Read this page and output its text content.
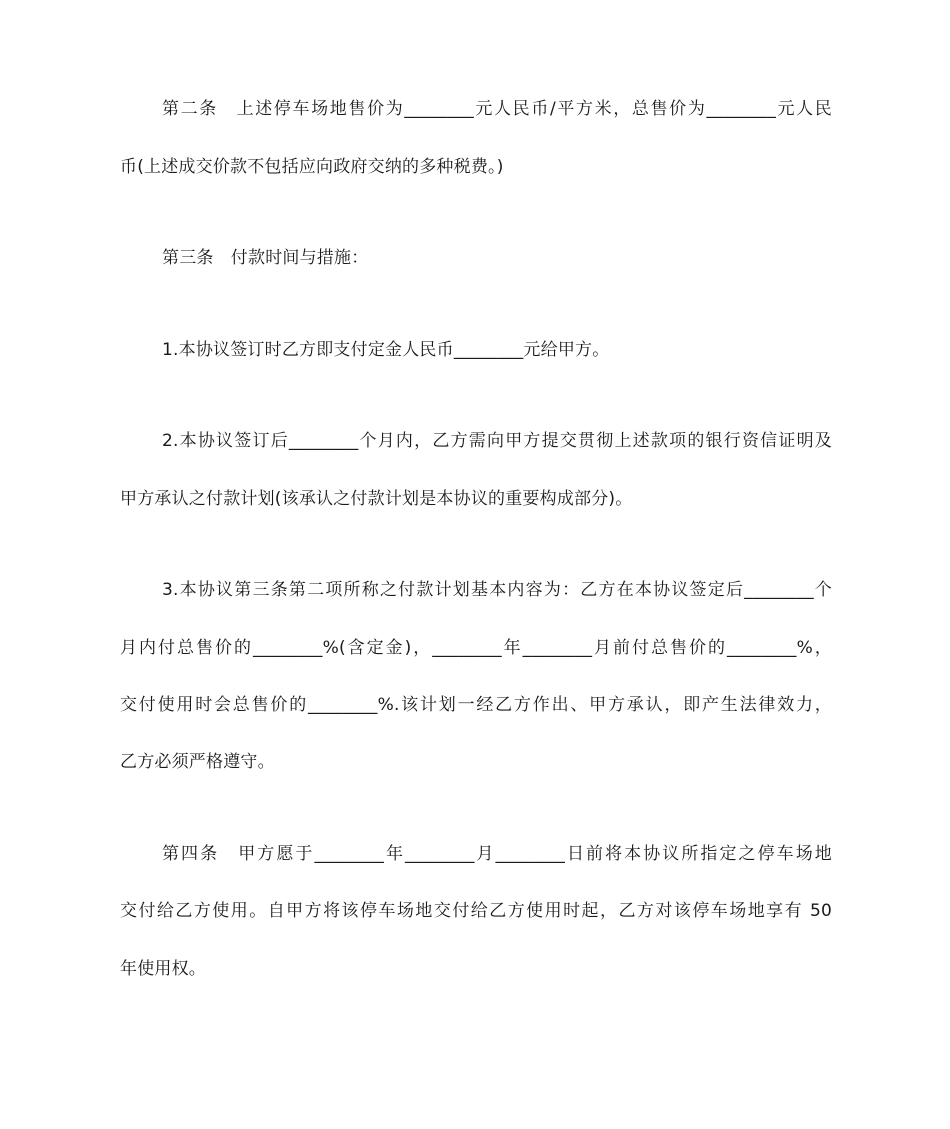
第二条　上述停车场地售价为________元人民币/平方米，总售价为________元人民
币(上述成交价款不包括应向政府交纳的多种税费。)
第三条　付款时间与措施：
1.本协议签订时乙方即支付定金人民币________元给甲方。
2.本协议签订后________个月内，乙方需向甲方提交贯彻上述款项的银行资信证明及
甲方承认之付款计划(该承认之付款计划是本协议的重要构成部分)。
3.本协议第三条第二项所称之付款计划基本内容为：乙方在本协议签定后________个
月内付总售价的________%(含定金)，________年________月前付总售价的________%，
交付使用时会总售价的________%.该计划一经乙方作出、甲方承认，即产生法律效力，
乙方必须严格遵守。
第四条　甲方愿于________年________月________日前将本协议所指定之停车场地
交付给乙方使用。自甲方将该停车场地交付给乙方使用时起，乙方对该停车场地享有 50
年使用权。
